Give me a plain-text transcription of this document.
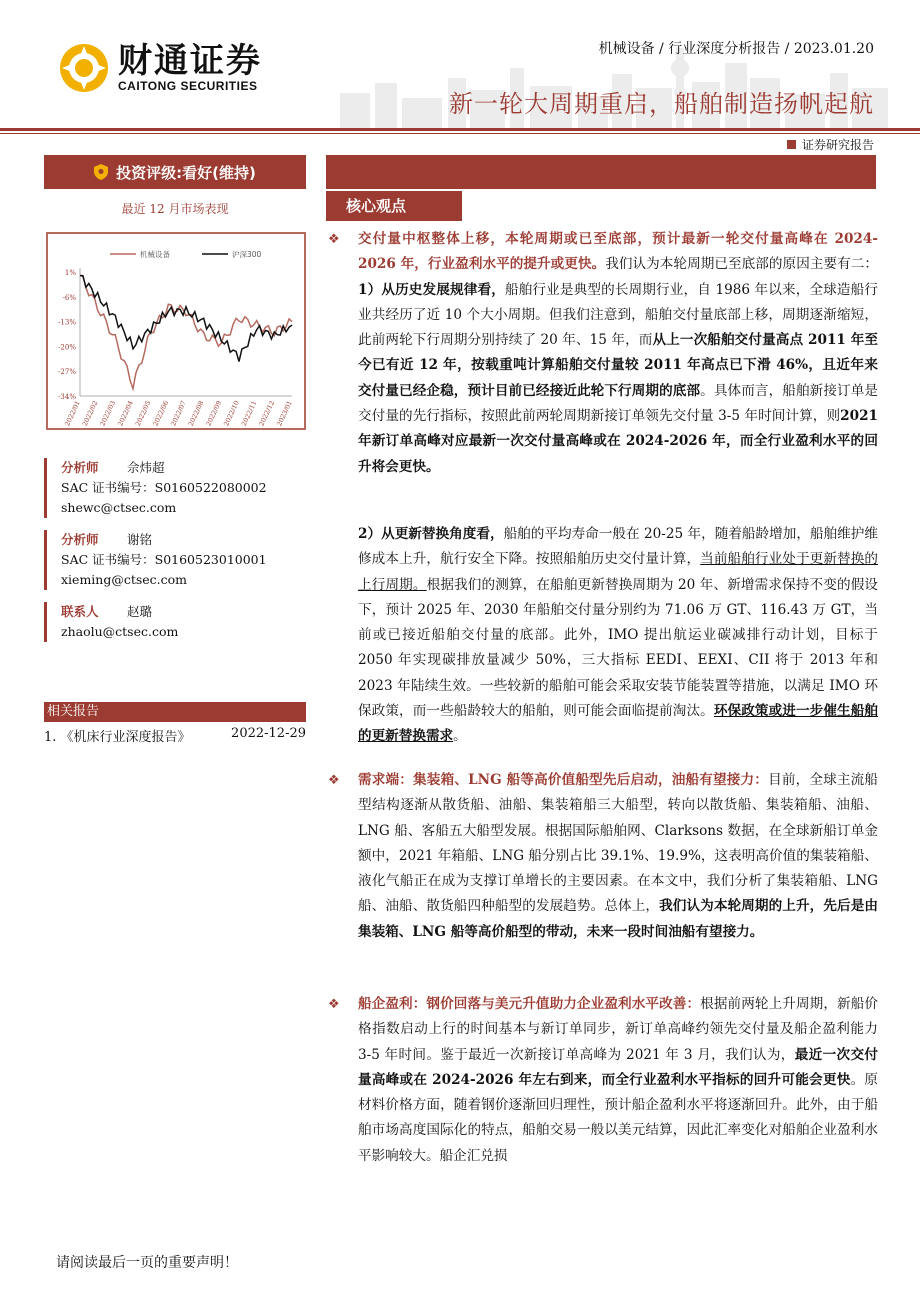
财通证券
CAITONG SECURITIES
机械设备 / 行业深度分析报告 / 2023.01.20
新一轮大周期重启，船舶制造扬帆起航
证券研究报告
投资评级:看好(维持)
最近 12 月市场表现
1%
-6%
-13%
-20%
-27%
-34%
2022/01
2022/02
2022/03
2022/04
2022/05
2022/06
2022/07
2022/08
2022/09
2022/10
2022/11
2022/12
2023/01
机械设备	沪深300
分析师 佘炜超
SAC 证书编号：S0160522080002
shewc@ctsec.com
分析师 谢铭
SAC 证书编号：S0160523010001
xieming@ctsec.com
联系人 赵璐
zhaolu@ctsec.com
相关报告
1. 《机床行业深度报告》	2022-12-29
核心观点
❖ 交付量中枢整体上移，本轮周期或已至底部，预计最新一轮交付量高峰在 2024-2026 年，行业盈利水平的提升或更快。我们认为本轮周期已至底部的原因主要有二：1）从历史发展规律看，船舶行业是典型的长周期行业，自 1986 年以来，全球造船行业共经历了近 10 个大小周期。但我们注意到，船舶交付量底部上移，周期逐渐缩短，此前两轮下行周期分别持续了 20 年、15 年，而从上一次船舶交付量高点 2011 年至今已有近 12 年，按载重吨计算船舶交付量较 2011 年高点已下滑 46%，且近年来交付量已经企稳，预计目前已经接近此轮下行周期的底部。具体而言，船舶新接订单是交付量的先行指标，按照此前两轮周期新接订单领先交付量 3-5 年时间计算，则2021 年新订单高峰对应最新一次交付量高峰或在 2024-2026 年，而全行业盈利水平的回升将会更快。
2）从更新替换角度看，船舶的平均寿命一般在 20-25 年，随着船龄增加，船舶维护维修成本上升，航行安全下降。按照船舶历史交付量计算，当前船舶行业处于更新替换的上行周期。根据我们的测算，在船舶更新替换周期为 20 年、新增需求保持不变的假设下，预计 2025 年、2030 年船舶交付量分别约为 71.06 万 GT、116.43 万 GT，当前或已接近船舶交付量的底部。此外，IMO 提出航运业碳减排行动计划，目标于 2050 年实现碳排放量减少 50%，三大指标 EEDI、EEXI、CII 将于 2013 年和 2023 年陆续生效。一些较新的船舶可能会采取安装节能装置等措施，以满足 IMO 环保政策，而一些船龄较大的船舶，则可能会面临提前淘汰。环保政策或进一步催生船舶的更新替换需求。
❖ 需求端：集装箱、LNG 船等高价值船型先后启动，油船有望接力：目前，全球主流船型结构逐渐从散货船、油船、集装箱船三大船型，转向以散货船、集装箱船、油船、LNG 船、客船五大船型发展。根据国际船舶网、Clarksons 数据，在全球新船订单金额中，2021 年箱船、LNG 船分别占比 39.1%、19.9%，这表明高价值的集装箱船、液化气船正在成为支撑订单增长的主要因素。在本文中，我们分析了集装箱船、LNG 船、油船、散货船四种船型的发展趋势。总体上，我们认为本轮周期的上升，先后是由集装箱、LNG 船等高价船型的带动，未来一段时间油船有望接力。
❖ 船企盈利：钢价回落与美元升值助力企业盈利水平改善：根据前两轮上升周期，新船价格指数启动上行的时间基本与新订单同步，新订单高峰约领先交付量及船企盈利能力 3-5 年时间。鉴于最近一次新接订单高峰为 2021 年 3 月，我们认为，最近一次交付量高峰或在 2024-2026 年左右到来，而全行业盈利水平指标的回升可能会更快。原材料价格方面，随着钢价逐渐回归理性，预计船企盈利水平将逐渐回升。此外，由于船舶市场高度国际化的特点，船舶交易一般以美元结算，因此汇率变化对船舶企业盈利水平影响较大。船企汇兑损
请阅读最后一页的重要声明！
